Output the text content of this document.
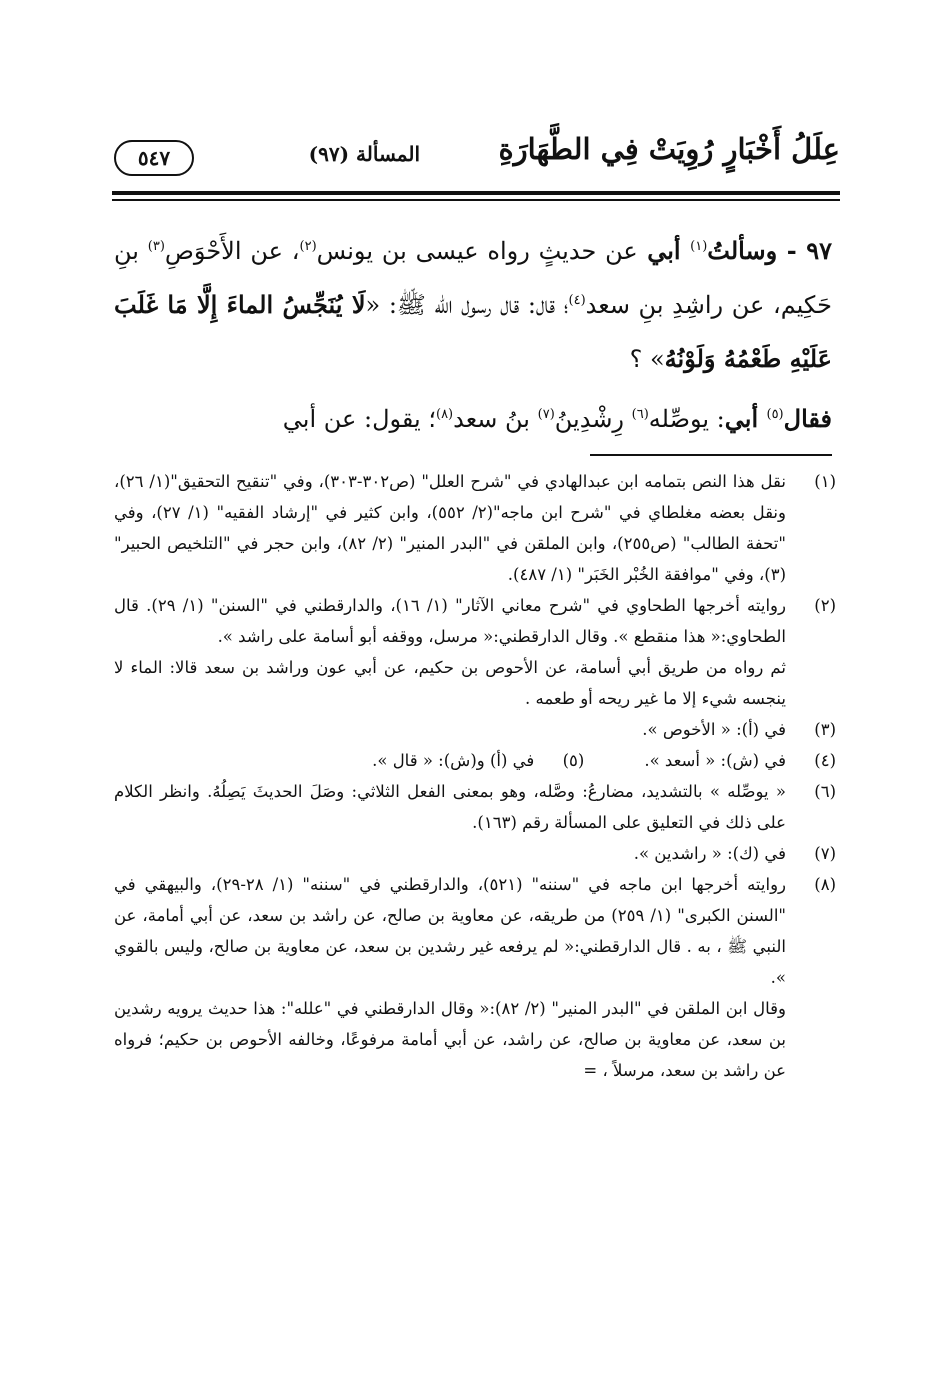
عِلَلُ أَخْبَارٍ رُوِيَتْ فِي الطَّهَارَةِ
المسألة (٩٧)
٥٤٧

٩٧ - وسألتُ$^{(١)}$ أبي عن حديثٍ رواه عيسى بن يونس$^{(٢)}$، عن الأَحْوَصِ$^{(٣)}$ بنِ حَكِيم، عن راشِدِ بنِ سعد$^{(٤)}$؛ قال: قال رسول الله ﷺ: «لَا يُنَجِّسُ الماءَ إِلَّا مَا غَلَبَ عَلَيْهِ طَعْمُهُ وَلَوْنُهُ» ؟

فقال$^{(٥)}$ أبي: يوصِّله$^{(٦)}$ رِشْدِينُ$^{(٧)}$ بنُ سعد$^{(٨)}$؛ يقول: عن أبي

(١)
نقل هذا النص بتمامه ابن عبدالهادي في "شرح العلل" (ص٣٠٢-٣٠٣)، وفي "تنقيح التحقيق"(١/ ٢٦)، ونقل بعضه مغلطاي في "شرح ابن ماجه"(٢/ ٥٥٢)، وابن كثير في "إرشاد الفقيه" (١/ ٢٧)، وفي "تحفة الطالب" (ص٢٥٥)، وابن الملقن في "البدر المنير" (٢/ ٨٢)، وابن حجر في "التلخيص الحبير" (٣)، وفي "موافقة الخُبْر الخَبَر" (١/ ٤٨٧).
(٢)
روايته أخرجها الطحاوي في "شرح معاني الآثار" (١/ ١٦)، والدارقطني في "السنن" (١/ ٢٩). قال الطحاوي:« هذا منقطع ». وقال الدارقطني:« مرسل، ووقفه أبو أسامة على راشد ».
ثم رواه من طريق أبي أسامة، عن الأحوص بن حكيم، عن أبي عون وراشد بن سعد قالا: الماء لا ينجسه شيء إلا ما غير ريحه أو طعمه .
(٣)
في (أ): « الأخوص ».
(٤)
في (ش): « أسعد ».
(٥)
في (أ) و(ش): « قال ».
(٦)
« يوصِّله » بالتشديد، مضارعُ: وصَّله، وهو بمعنى الفعل الثلاثي: وصَلَ الحديثَ يَصِلُهُ. وانظر الكلام على ذلك في التعليق على المسألة رقم (١٦٣).
(٧)
في (ك): « راشدين ».
(٨)
روايته أخرجها ابن ماجه في "سننه" (٥٢١)، والدارقطني في "سننه" (١/ ٢٨-٢٩)، والبيهقي في "السنن الكبرى" (١/ ٢٥٩) من طريقه، عن معاوية بن صالح، عن راشد بن سعد، عن أبي أمامة، عن النبي ﷺ ، به . قال الدارقطني:« لم يرفعه غير رشدين بن سعد، عن معاوية بن صالح، وليس بالقوي ».
وقال ابن الملقن في "البدر المنير" (٢/ ٨٢):« وقال الدارقطني في "علله": هذا حديث يرويه رشدين بن سعد، عن معاوية بن صالح، عن راشد، عن أبي أمامة مرفوعًا، وخالفه الأحوص بن حكيم؛ فرواه عن راشد بن سعد، مرسلاً ، =
